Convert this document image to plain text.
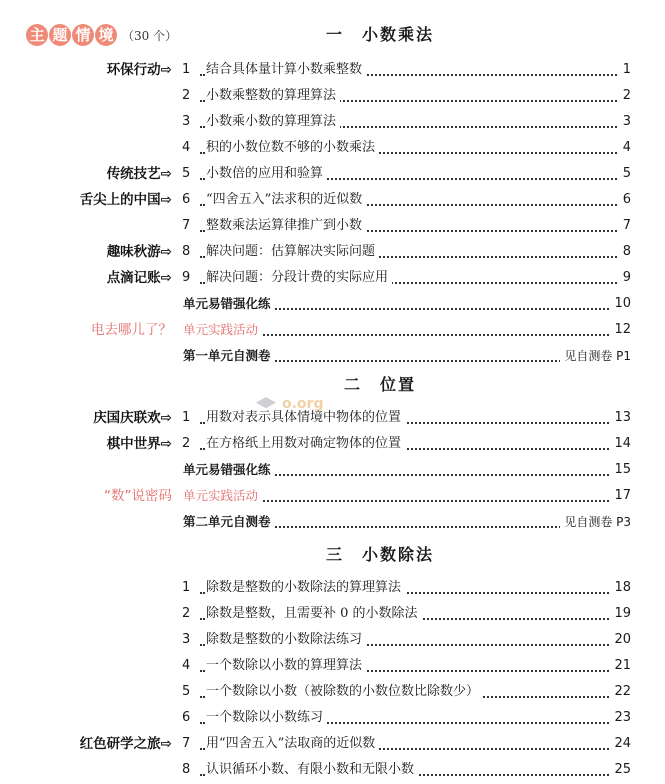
主 题 情 境 （30 个）
o.org
一　小数乘法
环保行动⇨ 1 结合具体量计算小数乘整数	1
2 小数乘整数的算理算法	2
3 小数乘小数的算理算法	3
4 积的小数位数不够的小数乘法	4
传统技艺⇨ 5 小数倍的应用和验算	5
舌尖上的中国⇨ 6 “四舍五入”法求积的近似数	6
7 整数乘法运算律推广到小数	7
趣味秋游⇨ 8 解决问题：估算解决实际问题	8
点滴记账⇨ 9 解决问题：分段计费的实际应用	9
单元易错强化练	10
电去哪儿了？ 单元实践活动	12
第一单元自测卷	见自测卷 P1
二　位置
庆国庆联欢⇨ 1 用数对表示具体情境中物体的位置	13
棋中世界⇨ 2 在方格纸上用数对确定物体的位置	14
单元易错强化练	15
“数”说密码 单元实践活动	17
第二单元自测卷	见自测卷 P3
三　小数除法
1 除数是整数的小数除法的算理算法	18
2 除数是整数，且需要补 0 的小数除法	19
3 除数是整数的小数除法练习	20
4 一个数除以小数的算理算法	21
5 一个数除以小数（被除数的小数位数比除数少）	22
6 一个数除以小数练习	23
红色研学之旅⇨ 7 用“四舍五入”法取商的近似数	24
8 认识循环小数、有限小数和无限小数	25
